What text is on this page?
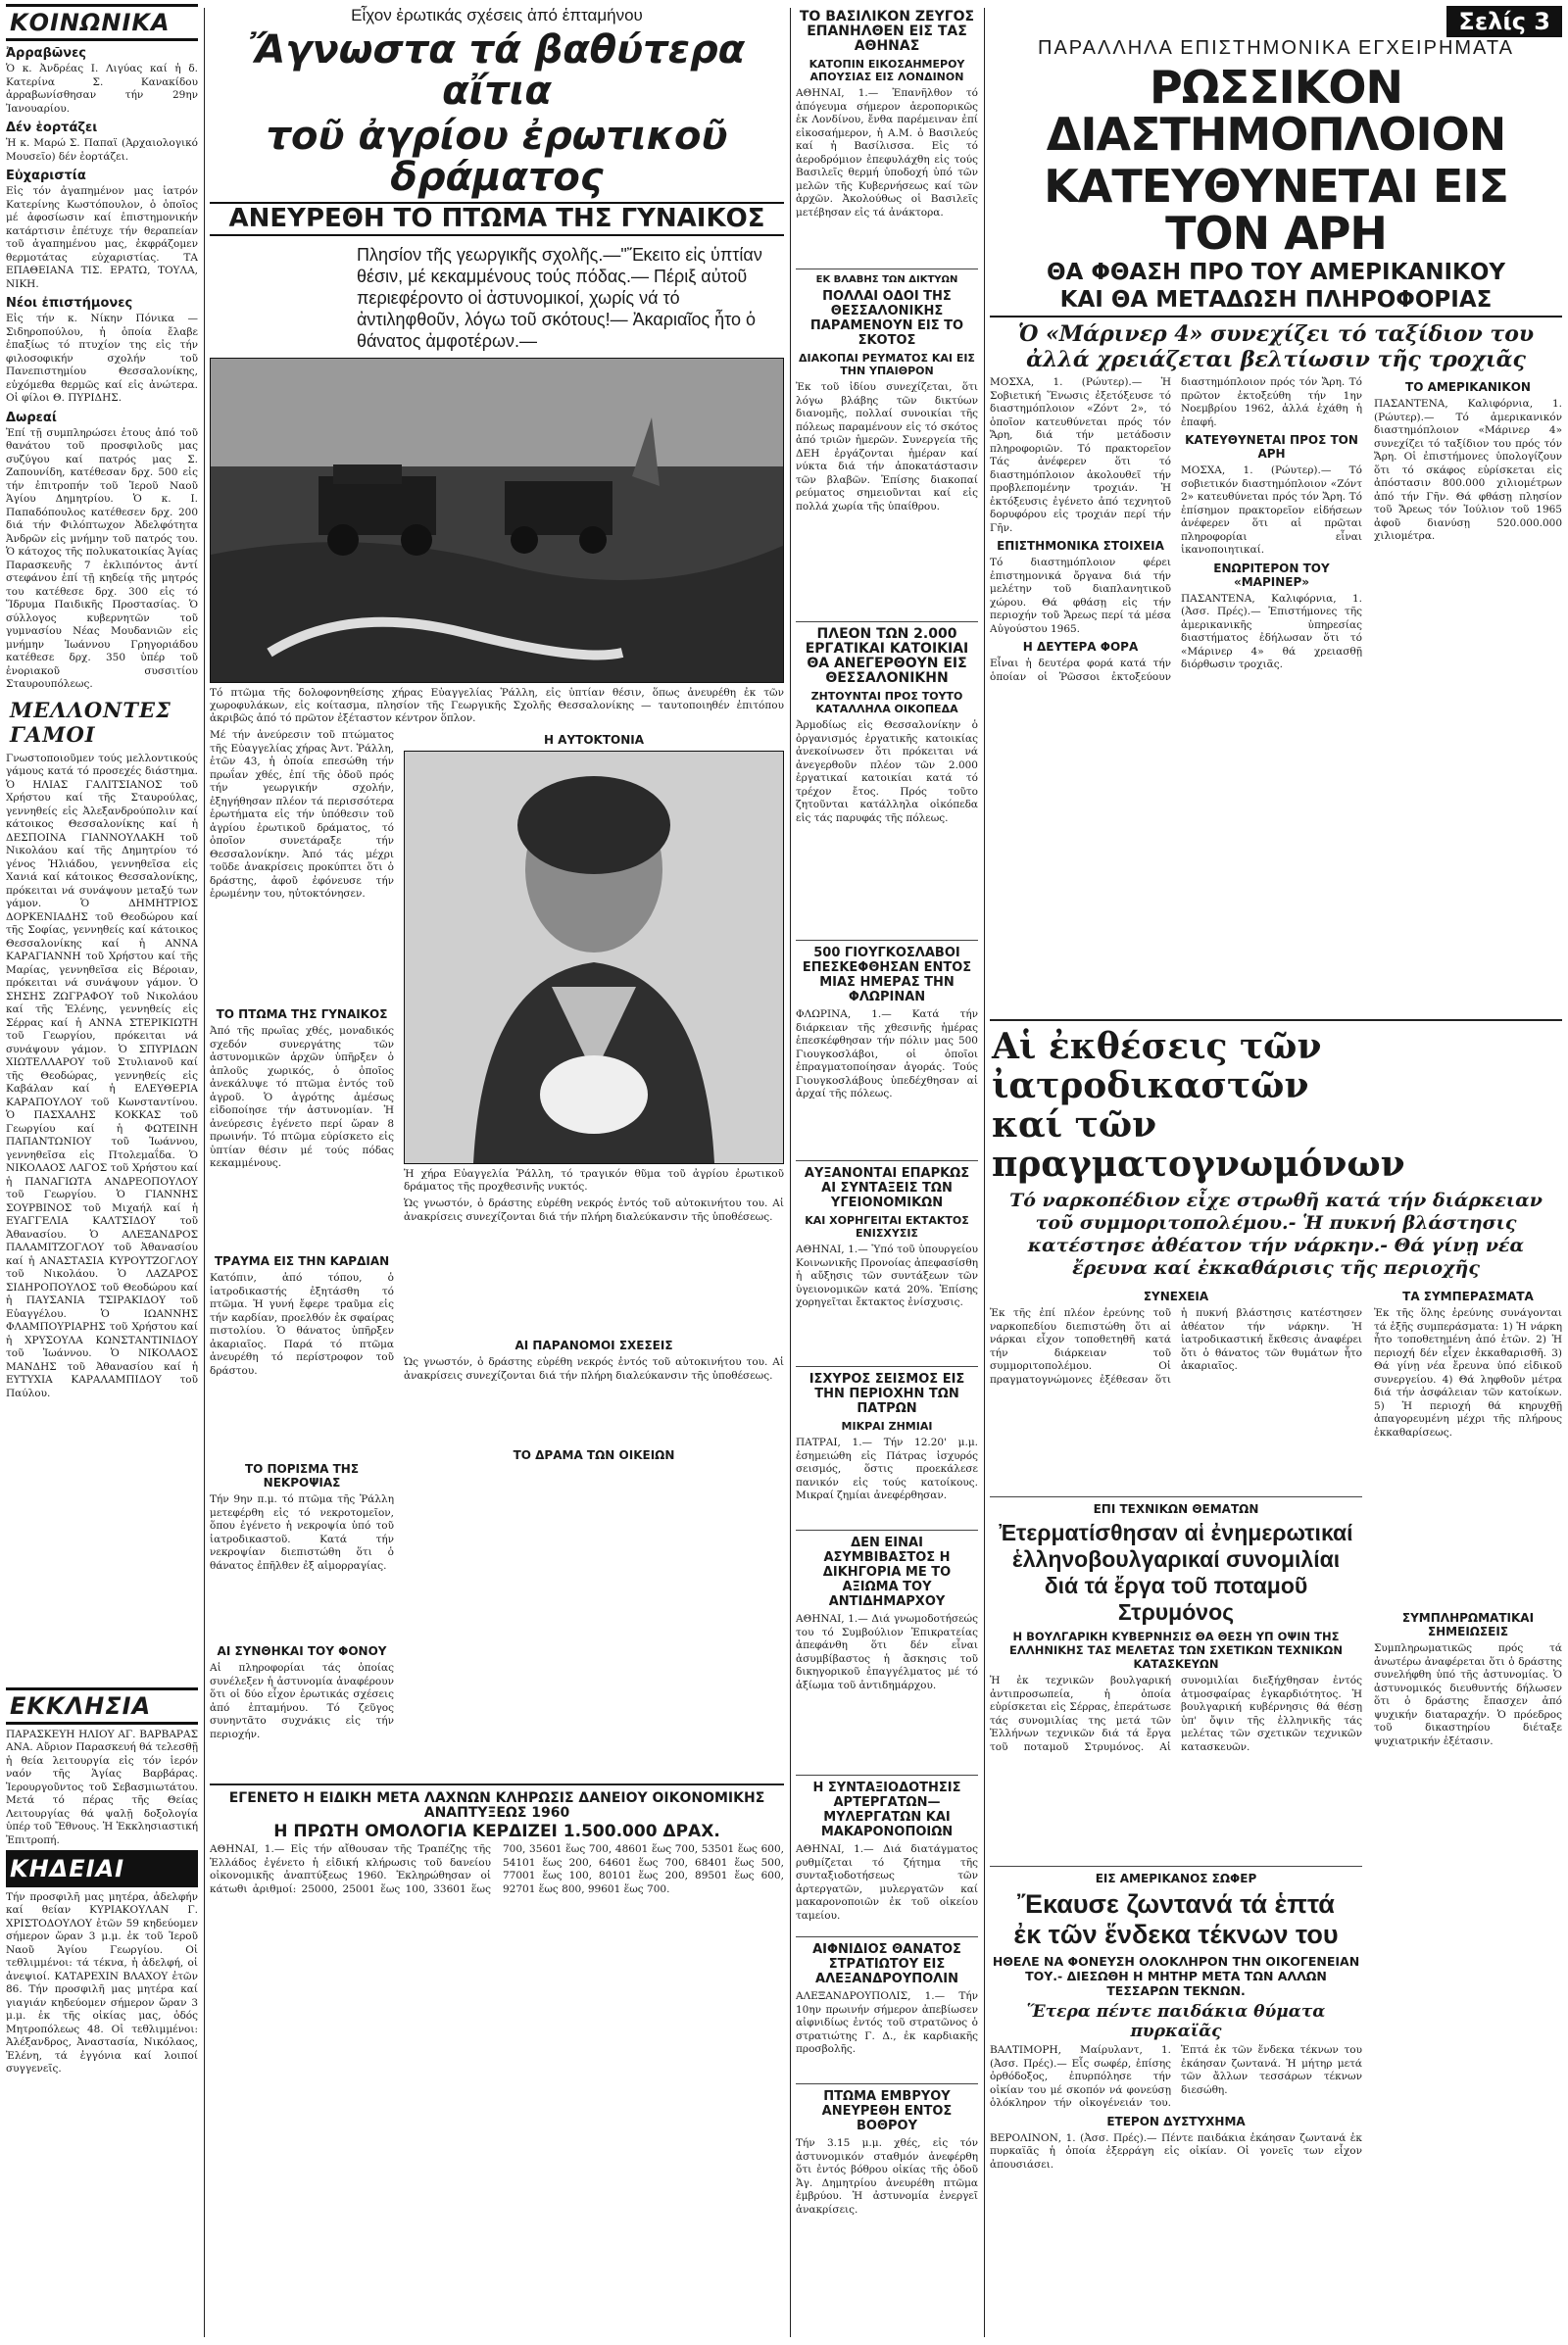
ΚΟΙΝΩΝΙΚΑ
Ἀρραβῶνες

Ὁ κ. Ἀνδρέας Ι. Λιγύας καί ἡ δ. Κατερίνα Σ. Κανακίδου ἀρραβωνίσθησαν τήν 29ην Ἰανουαρίου.

Δέν ἑορτάζει

Ἡ κ. Μαρώ Σ. Παπαϊ (Ἀρχαιολογικό Μουσεῖο) δέν ἑορτάζει.

Εὐχαριστία

Εἰς τόν ἀγαπημένον μας ἰατρόν Κατερίνης Κωστόπουλον, ὁ ὁποῖος μέ ἀφοσίωσιν καί ἐπιστημονικήν κατάρτισιν ἐπέτυχε τήν θεραπείαν τοῦ ἀγαπημένου μας, ἐκφράζομεν θερμοτάτας εὐχαριστίας. ΤΑ ΕΠΑΘΕΙΑΝΑ ΤΙΣ. ΕΡΑΤΩ, ΤΟΥΛΑ, ΝΙΚΗ.

Νέοι ἐπιστήμονες

Εἰς τήν κ. Νίκην Πόνικα — Σιδηροπούλου, ἡ ὁποία ἔλαβε ἐπαξίως τό πτυχίον της εἰς τήν φιλοσοφικήν σχολήν τοῦ Πανεπιστημίου Θεσσαλονίκης, εὐχόμεθα θερμῶς καί εἰς ἀνώτερα. Οἱ φίλοι Θ. ΠΥΡΙΔΗΣ.

Δωρεαί

Ἐπί τῇ συμπληρώσει ἐτους ἀπό τοῦ θανάτου τοῦ προσφιλοῦς μας συζύγου καί πατρός μας Σ. Ζαπουνίδη, κατέθεσαν δρχ. 500 εἰς τήν ἐπιτροπήν τοῦ Ἱεροῦ Ναοῦ Ἁγίου Δημητρίου. Ὁ κ. Ι. Παπαδόπουλος κατέθεσεν δρχ. 200 διά τήν Φιλόπτωχον Ἀδελφότητα Ἀνδρῶν εἰς μνήμην τοῦ πατρός του. Ὁ κάτοχος τῆς πολυκατοικίας Ἁγίας Παρασκευῆς 7 ἐκλιπόντος ἀντί στεφάνου ἐπί τῇ κηδείᾳ τῆς μητρός του κατέθεσε δρχ. 300 εἰς τό Ἵδρυμα Παιδικῆς Προστασίας. Ὁ σύλλογος κυβερνητῶν τοῦ γυμνασίου Νέας Μουδανιῶν εἰς μνήμην Ἰωάννου Γρηγοριάδου κατέθεσε δρχ. 350 ὑπέρ τοῦ ἐνοριακοῦ συσσιτίου Σταυρουπόλεως.

ΜΕΛΛΟΝΤΕΣ ΓΑΜΟΙ

Γνωστοποιοῦμεν τούς μελλοντικούς γάμους κατά τό προσεχές διάστημα. Ὁ ΗΛΙΑΣ ΓΑΛΙΤΣΙΑΝΟΣ τοῦ Χρήστου καί τῆς Σταυρούλας, γεννηθείς εἰς Ἀλεξανδρούπολιν καί κάτοικος Θεσσαλονίκης καί ἡ ΔΕΣΠΟΙΝΑ ΓΙΑΝΝΟΥΛΑΚΗ τοῦ Νικολάου καί τῆς Δημητρίου τό γένος Ἠλιάδου, γεννηθεῖσα εἰς Χανιά καί κάτοικος Θεσσαλονίκης, πρόκειται νά συνάψουν μεταξύ των γάμον. Ὁ ΔΗΜΗΤΡΙΟΣ ΔΟΡΚΕΝΙΑΔΗΣ τοῦ Θεοδώρου καί τῆς Σοφίας, γεννηθείς καί κάτοικος Θεσσαλονίκης καί ἡ ΑΝΝΑ ΚΑΡΑΓΙΑΝΝΗ τοῦ Χρήστου καί τῆς Μαρίας, γεννηθεῖσα εἰς Βέροιαν, πρόκειται νά συνάψουν γάμον. Ὁ ΣΗΣΗΣ ΖΩΓΡΑΦΟΥ τοῦ Νικολάου καί τῆς Ἑλένης, γεννηθείς εἰς Σέρρας καί ἡ ΑΝΝΑ ΣΤΕΡΙΚΙΩΤΗ τοῦ Γεωργίου, πρόκειται νά συνάψουν γάμον. Ὁ ΣΠΥΡΙΔΩΝ ΧΙΩΤΕΛΛΑΡΟΥ τοῦ Στυλιανοῦ καί τῆς Θεοδώρας, γεννηθείς εἰς Καβάλαν καί ἡ ΕΛΕΥΘΕΡΙΑ ΚΑΡΑΠΟΥΛΟΥ τοῦ Κωνσταντίνου. Ὁ ΠΑΣΧΑΛΗΣ ΚΟΚΚΑΣ τοῦ Γεωργίου καί ἡ ΦΩΤΕΙΝΗ ΠΑΠΑΝΤΩΝΙΟΥ τοῦ Ἰωάννου, γεννηθεῖσα εἰς Πτολεμαΐδα. Ὁ ΝΙΚΟΛΑΟΣ ΛΑΓΟΣ τοῦ Χρήστου καί ἡ ΠΑΝΑΓΙΩΤΑ ΑΝΔΡΕΟΠΟΥΛΟΥ τοῦ Γεωργίου. Ὁ ΓΙΑΝΝΗΣ ΣΟΥΡΒΙΝΟΣ τοῦ Μιχαήλ καί ἡ ΕΥΑΓΓΕΛΙΑ ΚΑΛΤΣΙΔΟΥ τοῦ Ἀθανασίου. Ὁ ΑΛΕΞΑΝΔΡΟΣ ΠΑΛΑΜΙΤΖΟΓΛΟΥ τοῦ Ἀθανασίου καί ἡ ΑΝΑΣΤΑΣΙΑ ΚΥΡΟΥΤΖΟΓΛΟΥ τοῦ Νικολάου. Ὁ ΛΑΖΑΡΟΣ ΣΙΔΗΡΟΠΟΥΛΟΣ τοῦ Θεοδώρου καί ἡ ΠΑΥΣΑΝΙΑ ΤΣΙΡΑΚΙΔΟΥ τοῦ Εὐαγγέλου. Ὁ ΙΩΑΝΝΗΣ ΦΛΑΜΠΟΥΡΙΑΡΗΣ τοῦ Χρήστου καί ἡ ΧΡΥΣΟΥΛΑ ΚΩΝΣΤΑΝΤΙΝΙΔΟΥ τοῦ Ἰωάννου. Ὁ ΝΙΚΟΛΑΟΣ ΜΑΝΔΗΣ τοῦ Ἀθανασίου καί ἡ ΕΥΤΥΧΙΑ ΚΑΡΑΛΑΜΠΙΔΟΥ τοῦ Παύλου.

ΕΚΚΛΗΣΙΑ

ΠΑΡΑΣΚΕΥΗ ΗΛΙΟΥ ΑΓ. ΒΑΡΒΑΡΑΣ ΑΝΑ. Αὔριον Παρασκευή θά τελεσθῇ ἡ θεία λειτουργία εἰς τόν ἱερόν ναόν τῆς Ἁγίας Βαρβάρας. Ἱερουργοῦντος τοῦ Σεβασμιωτάτου. Μετά τό πέρας τῆς Θείας Λειτουργίας θά ψαλῇ δοξολογία ὑπέρ τοῦ Ἔθνους. Ἡ Ἐκκλησιαστική Ἐπιτροπή.

ΚΗΔΕΙΑΙ

Τήν προσφιλῆ μας μητέρα, ἀδελφήν καί θείαν ΚΥΡΙΑΚΟΥΛΑΝ Γ. ΧΡΙΣΤΟΔΟΥΛΟΥ ἐτῶν 59 κηδεύομεν σήμερον ὥραν 3 μ.μ. ἐκ τοῦ Ἱεροῦ Ναοῦ Ἁγίου Γεωργίου. Οἱ τεθλιμμένοι: τά τέκνα, ἡ ἀδελφή, οἱ ἀνεψιοί. ΚΑΤΑΡΕΧΙΝ ΒΛΑΧΟΥ ἐτῶν 86. Τήν προσφιλῆ μας μητέρα καί γιαγιάν κηδεύομεν σήμερον ὥραν 3 μ.μ. ἐκ τῆς οἰκίας μας, ὁδός Μητροπόλεως 48. Οἱ τεθλιμμένοι: Ἀλέξανδρος, Ἀναστασία, Νικόλαος, Ἑλένη, τά ἐγγόνια καί λοιποί συγγενεῖς.

Εἶχον ἐρωτικάς σχέσεις ἀπό ἑπταμήνου
Ἄγνωστα τά βαθύτερα αἴτια
τοῦ ἀγρίου ἐρωτικοῦ δράματος
ΑΝΕΥΡΕΘΗ ΤΟ ΠΤΩΜΑ ΤΗΣ ΓΥΝΑΙΚΟΣ
Πλησίον τῆς γεωργικῆς σχολῆς.—"Ἔκειτο εἰς ὑπτίαν θέσιν, μέ κεκαμμένους τούς πόδας.— Πέριξ αὐτοῦ περιεφέροντο οἱ ἀστυνομικοί, χωρίς νά τό ἀντιληφθοῦν, λόγω τοῦ σκότους!— Ἀκαριαῖος ἦτο ὁ θάνατος ἀμφοτέρων.—

Τό πτῶμα τῆς δολοφονηθείσης χήρας Εὐαγγελίας Ῥάλλη, εἰς ὑπτίαν θέσιν, ὅπως ἀνευρέθη ἐκ τῶν χωροφυλάκων, εἰς κοίτασμα, πλησίον τῆς Γεωργικῆς Σχολῆς Θεσσαλονίκης — ταυτοποιηθέν ἐπιτόπου ἀκριβῶς ἀπό τό πρῶτον ἐξέταστον κέντρον ὅπλον.

Μέ τήν ἀνεύρεσιν τοῦ πτώματος τῆς Εὐαγγελίας χήρας Ἀντ. Ῥάλλη, ἐτῶν 43, ἡ ὁποία επεσώθη τήν πρωΐαν χθές, ἐπί τῆς ὁδοῦ πρός τήν γεωργικήν σχολήν, ἐξηγήθησαν πλέον τά περισσότερα ἐρωτήματα εἰς τήν ὑπόθεσιν τοῦ ἀγρίου ἐρωτικοῦ δράματος, τό ὁποῖον συνετάραξε τήν Θεσσαλονίκην. Ἀπό τάς μέχρι τοῦδε ἀνακρίσεις προκύπτει ὅτι ὁ δράστης, ἀφοῦ ἐφόνευσε τήν ἐρωμένην του, ηὐτοκτόνησεν.

ΤΟ ΠΤΩΜΑ ΤΗΣ ΓΥΝΑΙΚΟΣ

Ἀπό τῆς πρωΐας χθές, μοναδικός σχεδόν συνεργάτης τῶν ἀστυνομικῶν ἀρχῶν ὑπῆρξεν ὁ ἁπλοῦς χωρικός, ὁ ὁποῖος ἀνεκάλυψε τό πτῶμα ἐντός τοῦ ἀγροῦ. Ὁ ἀγρότης ἀμέσως εἰδοποίησε τήν ἀστυνομίαν. Ἡ ἀνεύρεσις ἐγένετο περί ὥραν 8 πρωινήν. Τό πτῶμα εὑρίσκετο εἰς ὑπτίαν θέσιν μέ τούς πόδας κεκαμμένους.

ΤΡΑΥΜΑ ΕΙΣ ΤΗΝ ΚΑΡΔΙΑΝ

Κατόπιν, ἀπό τόπου, ὁ ἰατροδικαστής ἐξητάσθη τό πτῶμα. Ἡ γυνή ἔφερε τραῦμα εἰς τήν καρδίαν, προελθόν ἐκ σφαίρας πιστολίου. Ὁ θάνατος ὑπῆρξεν ἀκαριαῖος. Παρά τό πτῶμα ἀνευρέθη τό περίστροφον τοῦ δράστου.

ΤΟ ΠΟΡΙΣΜΑ ΤΗΣ ΝΕΚΡΟΨΙΑΣ

Τήν 9ην π.μ. τό πτῶμα τῆς Ῥάλλη μετεφέρθη εἰς τό νεκροτομεῖον, ὅπου ἐγένετο ἡ νεκροψία ὑπό τοῦ ἰατροδικαστοῦ. Κατά τήν νεκροψίαν διεπιστώθη ὅτι ὁ θάνατος ἐπῆλθεν ἐξ αἱμορραγίας.

ΑΙ ΣΥΝΘΗΚΑΙ ΤΟΥ ΦΟΝΟΥ

Αἱ πληροφορίαι τάς ὁποίας συνέλεξεν ἡ ἀστυνομία ἀναφέρουν ὅτι οἱ δύο εἶχον ἐρωτικάς σχέσεις ἀπό ἑπταμήνου. Τό ζεῦγος συνηντᾶτο συχνάκις εἰς τήν περιοχήν.

Η ΑΥΤΟΚΤΟΝΙΑ

Ἡ χήρα Εὐαγγελία Ῥάλλη, τό τραγικόν θῦμα τοῦ ἀγρίου ἐρωτικοῦ δράματος τῆς προχθεσινῆς νυκτός.

Ὡς γνωστόν, ὁ δράστης εὑρέθη νεκρός ἐντός τοῦ αὐτοκινήτου του. Αἱ ἀνακρίσεις συνεχίζονται διά τήν πλήρη διαλεύκανσιν τῆς ὑποθέσεως.

ΑΙ ΠΑΡΑΝΟΜΟΙ ΣΧΕΣΕΙΣ

Ὡς γνωστόν, ὁ δράστης εὑρέθη νεκρός ἐντός τοῦ αὐτοκινήτου του. Αἱ ἀνακρίσεις συνεχίζονται διά τήν πλήρη διαλεύκανσιν τῆς ὑποθέσεως.

ΤΟ ΔΡΑΜΑ ΤΩΝ ΟΙΚΕΙΩΝ
ΕΓΕΝΕΤΟ Η ΕΙΔΙΚΗ ΜΕΤΑ ΛΑΧΝΩΝ ΚΛΗΡΩΣΙΣ ΔΑΝΕΙΟΥ ΟΙΚΟΝΟΜΙΚΗΣ ΑΝΑΠΤΥΞΕΩΣ 1960
Η ΠΡΩΤΗ ΟΜΟΛΟΓΙΑ ΚΕΡΔΙΖΕΙ 1.500.000 ΔΡΑΧ.

ΑΘΗΝΑΙ, 1.— Εἰς τήν αἴθουσαν τῆς Τραπέζης τῆς Ἑλλάδος ἐγένετο ἡ εἰδική κλήρωσις τοῦ δανείου οἰκονομικῆς ἀναπτύξεως 1960. Ἐκληρώθησαν οἱ κάτωθι ἀριθμοί: 25000, 25001 ἕως 100, 33601 ἕως 700, 35601 ἕως 700, 48601 ἕως 700, 53501 ἕως 600, 54101 ἕως 200, 64601 ἕως 700, 68401 ἕως 500, 77001 ἕως 100, 80101 ἕως 200, 89501 ἕως 600, 92701 ἕως 800, 99601 ἕως 700.

ΤΟ ΒΑΣΙΛΙΚΟΝ ΖΕΥΓΟΣ ΕΠΑΝΗΛΘΕΝ ΕΙΣ ΤΑΣ ΑΘΗΝΑΣ
ΚΑΤΟΠΙΝ ΕΙΚΟΣΑΗΜΕΡΟΥ ΑΠΟΥΣΙΑΣ ΕΙΣ ΛΟΝΔΙΝΟΝ

ΑΘΗΝΑΙ, 1.— Ἐπανῆλθον τό ἀπόγευμα σήμερον ἀεροπορικῶς ἐκ Λονδίνου, ἔνθα παρέμειναν ἐπί εἰκοσαήμερον, ἡ Α.Μ. ὁ Βασιλεύς καί ἡ Βασίλισσα. Εἰς τό ἀεροδρόμιον ἐπεφυλάχθη εἰς τούς Βασιλεῖς θερμή ὑποδοχή ὑπό τῶν μελῶν τῆς Κυβερνήσεως καί τῶν ἀρχῶν. Ἀκολούθως οἱ Βασιλεῖς μετέβησαν εἰς τά ἀνάκτορα.

ΕΚ ΒΛΑΒΗΣ ΤΩΝ ΔΙΚΤΥΩΝ
ΠΟΛΛΑΙ ΟΔΟΙ ΤΗΣ ΘΕΣΣΑΛΟΝΙΚΗΣ ΠΑΡΑΜΕΝΟΥΝ ΕΙΣ ΤΟ ΣΚΟΤΟΣ
ΔΙΑΚΟΠΑΙ ΡΕΥΜΑΤΟΣ ΚΑΙ ΕΙΣ ΤΗΝ ΥΠΑΙΘΡΟΝ

Ἐκ τοῦ ἰδίου συνεχίζεται, ὅτι λόγω βλάβης τῶν δικτύων διανομῆς, πολλαί συνοικίαι τῆς πόλεως παραμένουν εἰς τό σκότος ἀπό τριῶν ἡμερῶν. Συνεργεία τῆς ΔΕΗ ἐργάζονται ἡμέραν καί νύκτα διά τήν ἀποκατάστασιν τῶν βλαβῶν. Ἐπίσης διακοπαί ρεύματος σημειοῦνται καί εἰς πολλά χωρία τῆς ὑπαίθρου.

ΠΛΕΟΝ ΤΩΝ 2.000 ΕΡΓΑΤΙΚΑΙ ΚΑΤΟΙΚΙΑΙ ΘΑ ΑΝΕΓΕΡΘΟΥΝ ΕΙΣ ΘΕΣΣΑΛΟΝΙΚΗΝ
ΖΗΤΟΥΝΤΑΙ ΠΡΟΣ ΤΟΥΤΟ ΚΑΤΑΛΛΗΛΑ ΟΙΚΟΠΕΔΑ

Ἀρμοδίως εἰς Θεσσαλονίκην ὁ ὀργανισμός ἐργατικῆς κατοικίας ἀνεκοίνωσεν ὅτι πρόκειται νά ἀνεγερθοῦν πλέον τῶν 2.000 ἐργατικαί κατοικίαι κατά τό τρέχον ἔτος. Πρός τοῦτο ζητοῦνται κατάλληλα οἰκόπεδα εἰς τάς παρυφάς τῆς πόλεως.

500 ΓΙΟΥΓΚΟΣΛΑΒΟΙ ΕΠΕΣΚΕΦΘΗΣΑΝ ΕΝΤΟΣ ΜΙΑΣ ΗΜΕΡΑΣ ΤΗΝ ΦΛΩΡΙΝΑΝ

ΦΛΩΡΙΝΑ, 1.— Κατά τήν διάρκειαν τῆς χθεσινῆς ἡμέρας ἐπεσκέφθησαν τήν πόλιν μας 500 Γιουγκοσλάβοι, οἱ ὁποῖοι ἐπραγματοποίησαν ἀγοράς. Τούς Γιουγκοσλάβους ὑπεδέχθησαν αἱ ἀρχαί τῆς πόλεως.

ΑΥΞΑΝΟΝΤΑΙ ΕΠΑΡΚΩΣ ΑΙ ΣΥΝΤΑΞΕΙΣ ΤΩΝ ΥΓΕΙΟΝΟΜΙΚΩΝ
ΚΑΙ ΧΟΡΗΓΕΙΤΑΙ ΕΚΤΑΚΤΟΣ ΕΝΙΣΧΥΣΙΣ

ΑΘΗΝΑΙ, 1.— Ὑπό τοῦ ὑπουργείου Κοινωνικῆς Προνοίας ἀπεφασίσθη ἡ αὔξησις τῶν συντάξεων τῶν ὑγειονομικῶν κατά 20%. Ἐπίσης χορηγεῖται ἔκτακτος ἐνίσχυσις.

ΙΣΧΥΡΟΣ ΣΕΙΣΜΟΣ ΕΙΣ ΤΗΝ ΠΕΡΙΟΧΗΝ ΤΩΝ ΠΑΤΡΩΝ
ΜΙΚΡΑΙ ΖΗΜΙΑΙ

ΠΑΤΡΑΙ, 1.— Τήν 12.20' μ.μ. ἐσημειώθη εἰς Πάτρας ἰσχυρός σεισμός, ὅστις προεκάλεσε πανικόν εἰς τούς κατοίκους. Μικραί ζημίαι ἀνεφέρθησαν.

ΔΕΝ ΕΙΝΑΙ ΑΣΥΜΒΙΒΑΣΤΟΣ Η ΔΙΚΗΓΟΡΙΑ ΜΕ ΤΟ ΑΞΙΩΜΑ ΤΟΥ ΑΝΤΙΔΗΜΑΡΧΟΥ

ΑΘΗΝΑΙ, 1.— Διά γνωμοδοτήσεώς του τό Συμβούλιον Ἐπικρατείας ἀπεφάνθη ὅτι δέν εἶναι ἀσυμβίβαστος ἡ ἄσκησις τοῦ δικηγορικοῦ ἐπαγγέλματος μέ τό ἀξίωμα τοῦ ἀντιδημάρχου.

Η ΣΥΝΤΑΞΙΟΔΟΤΗΣΙΣ ΑΡΤΕΡΓΑΤΩΝ—ΜΥΛΕΡΓΑΤΩΝ ΚΑΙ ΜΑΚΑΡΟΝΟΠΟΙΩΝ

ΑΘΗΝΑΙ, 1.— Διά διατάγματος ρυθμίζεται τό ζήτημα τῆς συνταξιοδοτήσεως τῶν ἀρτεργατῶν, μυλεργατῶν καί μακαρονοποιῶν ἐκ τοῦ οἰκείου ταμείου.

ΑΙΦΝΙΔΙΟΣ ΘΑΝΑΤΟΣ ΣΤΡΑΤΙΩΤΟΥ ΕΙΣ ΑΛΕΞΑΝΔΡΟΥΠΟΛΙΝ

ΑΛΕΞΑΝΔΡΟΥΠΟΛΙΣ, 1.— Τήν 10ην πρωινήν σήμερον ἀπεβίωσεν αἰφνιδίως ἐντός τοῦ στρατῶνος ὁ στρατιώτης Γ. Δ., ἐκ καρδιακῆς προσβολῆς.

ΠΤΩΜΑ ΕΜΒΡΥΟΥ ΑΝΕΥΡΕΘΗ ΕΝΤΟΣ ΒΟΘΡΟΥ

Τήν 3.15 μ.μ. χθές, εἰς τόν ἀστυνομικόν σταθμόν ἀνεφέρθη ὅτι ἐντός βόθρου οἰκίας τῆς ὁδοῦ Ἁγ. Δημητρίου ἀνευρέθη πτῶμα ἐμβρύου. Ἡ ἀστυνομία ἐνεργεῖ ἀνακρίσεις.

Σελίς 3
ΠΑΡΑΛΛΗΛΑ ΕΠΙΣΤΗΜΟΝΙΚΑ ΕΓΧΕΙΡΗΜΑΤΑ
ΡΩΣΣΙΚΟΝ ΔΙΑΣΤΗΜΟΠΛΟΙΟΝ
ΚΑΤΕΥΘΥΝΕΤΑΙ ΕΙΣ ΤΟΝ ΑΡΗ
ΘΑ ΦΘΑΣΗ ΠΡΟ ΤΟΥ ΑΜΕΡΙΚΑΝΙΚΟΥ
ΚΑΙ ΘΑ ΜΕΤΑΔΩΣΗ ΠΛΗΡΟΦΟΡΙΑΣ
Ὁ «Μάρινερ 4» συνεχίζει τό ταξίδιον του ἀλλά χρειάζεται βελτίωσιν τῆς τροχιᾶς

ΜΟΣΧΑ, 1. (Ρώυτερ).— Ἡ Σοβιετική Ἕνωσις ἐξετόξευσε τό διαστημόπλοιον «Ζόντ 2», τό ὁποῖον κατευθύνεται πρός τόν Ἄρη, διά τήν μετάδοσιν πληροφοριῶν. Τό πρακτορεῖον Τάς ἀνέφερεν ὅτι τό διαστημόπλοιον ἀκολουθεῖ τήν προβλεπομένην τροχιάν. Ἡ ἐκτόξευσις ἐγένετο ἀπό τεχνητοῦ δορυφόρου εἰς τροχιάν περί τήν Γῆν.

ΕΠΙΣΤΗΜΟΝΙΚΑ ΣΤΟΙΧΕΙΑ

Τό διαστημόπλοιον φέρει ἐπιστημονικά ὄργανα διά τήν μελέτην τοῦ διαπλανητικοῦ χώρου. Θά φθάσῃ εἰς τήν περιοχήν τοῦ Ἄρεως περί τά μέσα Αὐγούστου 1965.

Η ΔΕΥΤΕΡΑ ΦΟΡΑ

Εἶναι ἡ δευτέρα φορά κατά τήν ὁποίαν οἱ Ῥῶσσοι ἐκτοξεύουν διαστημόπλοιον πρός τόν Ἄρη. Τό πρῶτον ἐκτοξεύθη τήν 1ην Νοεμβρίου 1962, ἀλλά ἐχάθη ἡ ἐπαφή.

ΚΑΤΕΥΘΥΝΕΤΑΙ ΠΡΟΣ ΤΟΝ ΑΡΗ

ΜΟΣΧΑ, 1. (Ρώυτερ).— Τό σοβιετικόν διαστημόπλοιον «Ζόντ 2» κατευθύνεται πρός τόν Ἄρη. Τό ἐπίσημον πρακτορεῖον εἰδήσεων ἀνέφερεν ὅτι αἱ πρῶται πληροφορίαι εἶναι ἱκανοποιητικαί.

ΕΝΩΡΙΤΕΡΟΝ ΤΟΥ «ΜΑΡΙΝΕΡ»

ΠΑΣΑΝΤΕΝΑ, Καλιφόρνια, 1. (Ἀσσ. Πρές).— Ἐπιστήμονες τῆς ἀμερικανικῆς ὑπηρεσίας διαστήματος ἐδήλωσαν ὅτι τό «Μάρινερ 4» θά χρειασθῇ διόρθωσιν τροχιᾶς.

ΤΟ ΑΜΕΡΙΚΑΝΙΚΟΝ

ΠΑΣΑΝΤΕΝΑ, Καλιφόρνια, 1. (Ρώυτερ).— Τό ἀμερικανικόν διαστημόπλοιον «Μάρινερ 4» συνεχίζει τό ταξίδιον του πρός τόν Ἄρη. Οἱ ἐπιστήμονες ὑπολογίζουν ὅτι τό σκάφος εὑρίσκεται εἰς ἀπόστασιν 800.000 χιλιομέτρων ἀπό τήν Γῆν. Θά φθάσῃ πλησίον τοῦ Ἄρεως τόν Ἰούλιον τοῦ 1965 ἀφοῦ διανύσῃ 520.000.000 χιλιομέτρα.

Αἱ ἐκθέσεις τῶν ἰατροδικαστῶν
καί τῶν πραγματογνωμόνων
Τό ναρκοπέδιον εἶχε στρωθῆ κατά τήν διάρκειαν τοῦ συμμοριτοπολέμου.- Ἡ πυκνή βλάστησις κατέστησε ἀθέατον τήν νάρκην.- Θά γίνῃ νέα ἔρευνα καί ἐκκαθάρισις τῆς περιοχῆς
ΣΥΝΕΧΕΙΑ

Ἐκ τῆς ἐπί πλέον ἐρεύνης τοῦ ναρκοπεδίου διεπιστώθη ὅτι αἱ νάρκαι εἶχον τοποθετηθῆ κατά τήν διάρκειαν τοῦ συμμοριτοπολέμου. Οἱ πραγματογνώμονες ἐξέθεσαν ὅτι ἡ πυκνή βλάστησις κατέστησεν ἀθέατον τήν νάρκην. Ἡ ἰατροδικαστική ἔκθεσις ἀναφέρει ὅτι ὁ θάνατος τῶν θυμάτων ἦτο ἀκαριαῖος.

ΤΑ ΣΥΜΠΕΡΑΣΜΑΤΑ

Ἐκ τῆς ὅλης ἐρεύνης συνάγονται τά ἑξῆς συμπεράσματα: 1) Ἡ νάρκη ἦτο τοποθετημένη ἀπό ἐτῶν. 2) Ἡ περιοχή δέν εἶχεν ἐκκαθαρισθῆ. 3) Θά γίνῃ νέα ἔρευνα ὑπό εἰδικοῦ συνεργείου. 4) Θά ληφθοῦν μέτρα διά τήν ἀσφάλειαν τῶν κατοίκων. 5) Ἡ περιοχή θά κηρυχθῇ ἀπαγορευμένη μέχρι τῆς πλήρους ἐκκαθαρίσεως.

ΕΠΙ ΤΕΧΝΙΚΩΝ ΘΕΜΑΤΩΝ
Ἐτερματίσθησαν αἱ ἐνημερωτικαί
ἑλληνοβουλγαρικαί συνομιλίαι
διά τά ἔργα τοῦ ποταμοῦ Στρυμόνος
Η ΒΟΥΛΓΑΡΙΚΗ ΚΥΒΕΡΝΗΣΙΣ ΘΑ ΘΕΣΗ ΥΠ ΟΨΙΝ ΤΗΣ ΕΛΛΗΝΙΚΗΣ ΤΑΣ ΜΕΛΕΤΑΣ ΤΩΝ ΣΧΕΤΙΚΩΝ ΤΕΧΝΙΚΩΝ ΚΑΤΑΣΚΕΥΩΝ

Ἡ ἐκ τεχνικῶν βουλγαρική ἀντιπροσωπεία, ἡ ὁποία εὑρίσκεται εἰς Σέρρας, ἐπεράτωσε τάς συνομιλίας της μετά τῶν Ἑλλήνων τεχνικῶν διά τά ἔργα τοῦ ποταμοῦ Στρυμόνος. Αἱ συνομιλίαι διεξήχθησαν ἐντός ἀτμοσφαίρας ἐγκαρδιότητος. Ἡ βουλγαρική κυβέρνησις θά θέσῃ ὑπ' ὄψιν τῆς ἑλληνικῆς τάς μελέτας τῶν σχετικῶν τεχνικῶν κατασκευῶν.

ΕΙΣ ΑΜΕΡΙΚΑΝΟΣ ΣΩΦΕΡ
Ἔκαυσε ζωντανά τά ἑπτά
ἐκ τῶν ἕνδεκα τέκνων του
ΗΘΕΛΕ ΝΑ ΦΟΝΕΥΣΗ ΟΛΟΚΛΗΡΟΝ ΤΗΝ ΟΙΚΟΓΕΝΕΙΑΝ ΤΟΥ.- ΔΙΕΣΩΘΗ Η ΜΗΤΗΡ ΜΕΤΑ ΤΩΝ ΑΛΛΩΝ ΤΕΣΣΑΡΩΝ ΤΕΚΝΩΝ.
Ἕτερα πέντε παιδάκια θύματα πυρκαϊᾶς

ΒΑΛΤΙΜΟΡΗ, Μαίρυλαντ, 1. (Ἀσσ. Πρές).— Εἷς σωφέρ, ἐπίσης ὀρθόδοξος, ἐπυρπόλησε τήν οἰκίαν του μέ σκοπόν νά φονεύσῃ ὁλόκληρον τήν οἰκογένειάν του. Ἑπτά ἐκ τῶν ἕνδεκα τέκνων του ἐκάησαν ζωντανά. Ἡ μήτηρ μετά τῶν ἄλλων τεσσάρων τέκνων διεσώθη.

ΕΤΕΡΟΝ ΔΥΣΤΥΧΗΜΑ

ΒΕΡΟΛΙΝΟΝ, 1. (Ἀσσ. Πρές).— Πέντε παιδάκια ἐκάησαν ζωντανά ἐκ πυρκαϊᾶς ἡ ὁποία ἐξερράγη εἰς οἰκίαν. Οἱ γονεῖς των εἶχον ἀπουσιάσει.

ΣΥΜΠΛΗΡΩΜΑΤΙΚΑΙ ΣΗΜΕΙΩΣΕΙΣ

Συμπληρωματικῶς πρός τά ἀνωτέρω ἀναφέρεται ὅτι ὁ δράστης συνελήφθη ὑπό τῆς ἀστυνομίας. Ὁ ἀστυνομικός διευθυντής δήλωσεν ὅτι ὁ δράστης ἔπασχεν ἀπό ψυχικήν διαταραχήν. Ὁ πρόεδρος τοῦ δικαστηρίου διέταξε ψυχιατρικήν ἐξέτασιν.
